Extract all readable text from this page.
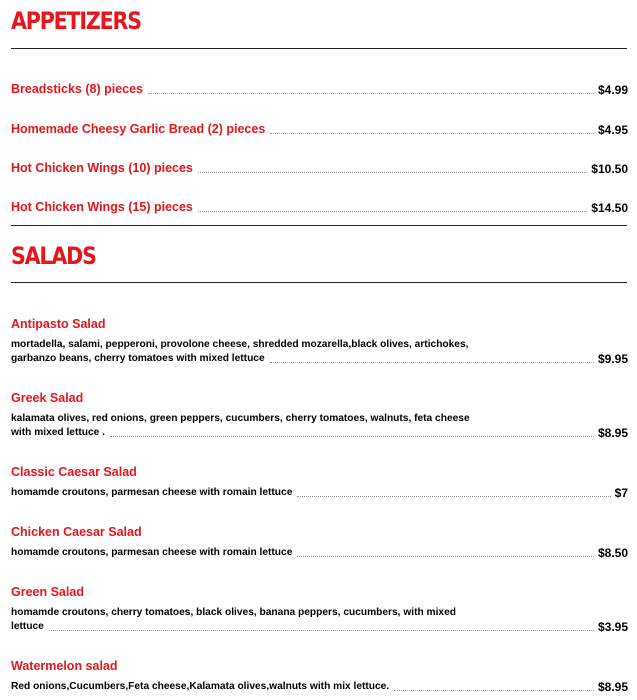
APPETIZERS
Breadsticks (8) pieces	$4.99
Homemade Cheesy Garlic Bread (2) pieces	$4.95
Hot Chicken Wings (10) pieces	$10.50
Hot Chicken Wings (15) pieces	$14.50
SALADS
Antipasto Salad
mortadella, salami, pepperoni, provolone cheese, shredded mozarella,black olives, artichokes,
garbanzo beans, cherry tomatoes with mixed lettuce	$9.95
Greek Salad
kalamata olives, red onions, green peppers, cucumbers, cherry tomatoes, walnuts, feta cheese
with mixed lettuce .	$8.95
Classic Caesar Salad
homamde croutons, parmesan cheese with romain lettuce	$7
Chicken Caesar Salad
homamde croutons, parmesan cheese with romain lettuce	$8.50
Green Salad
homamde croutons, cherry tomatoes, black olives, banana peppers, cucumbers, with mixed
lettuce	$3.95
Watermelon salad
Red onions,Cucumbers,Feta cheese,Kalamata olives,walnuts with mix lettuce.	$8.95
